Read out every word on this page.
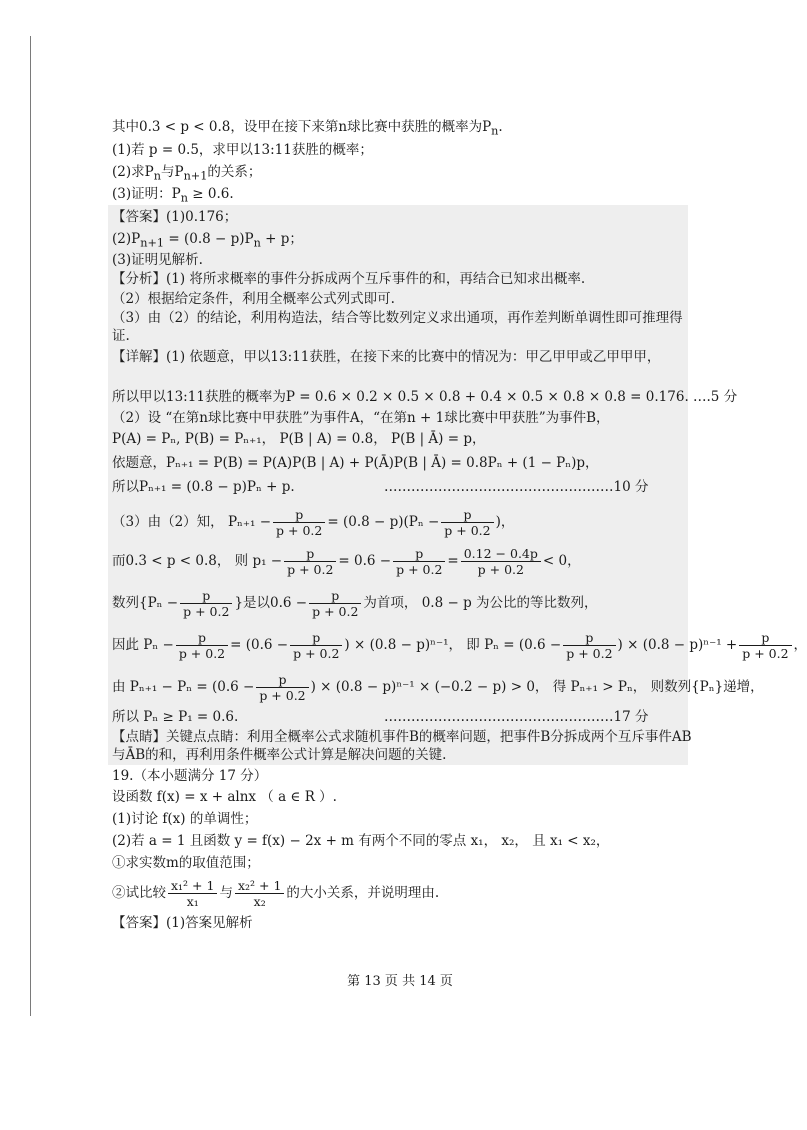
其中0.3 < p < 0.8，设甲在接下来第n球比赛中获胜的概率为$P_n$.
(1)若 p = 0.5，求甲以13:11获胜的概率；
(2)求$P_n$与$P_{n+1}$的关系；
(3)证明：$P_n \ge 0.6$.
【答案】(1)0.176；
$(2)P_{n+1} = (0.8 - p)P_n + p$；
(3)证明见解析.
【分析】(1) 将所求概率的事件分拆成两个互斥事件的和，再结合已知求出概率.
（2）根据给定条件，利用全概率公式列式即可.
（3）由（2）的结论，利用构造法，结合等比数列定义求出通项，再作差判断单调性即可推理得证.
【详解】(1) 依题意，甲以13:11获胜，在接下来的比赛中的情况为：甲乙甲甲或乙甲甲甲，
所以甲以13:11获胜的概率为P = 0.6 × 0.2 × 0.5 × 0.8 + 0.4 × 0.5 × 0.8 × 0.8 = 0.176. ….5 分
（2）设 “在第n球比赛中甲获胜”为事件A，“在第n + 1球比赛中甲获胜”为事件B，
P(A) = Pₙ, P(B) = Pₙ₊₁， P(B | A) = 0.8， P(B | Ā) = p，
依题意，Pₙ₊₁ = P(B) = P(A)P(B | A) + P(Ā)P(B | Ā) = 0.8Pₙ + (1 − Pₙ)p，
所以Pₙ₊₁ = (0.8 − p)Pₙ + p.	……………………………………………10 分
（3）由（2）知， $P_{n+1} - \frac{p}{p + 0.2} = (0.8 - p)(P_n - \frac{p}{p + 0.2}$ )，
而0.3 < p < 0.8， 则 $p_1 - \frac{p}{p + 0.2} = 0.6 - \frac{p}{p + 0.2} = \frac{0.12 - 0.4p}{p + 0.2} < 0$，
数列{$P_n - \frac{p}{p + 0.2}$ }是以$0.6 - \frac{p}{p + 0.2}$ 为首项， 0.8 − p 为公比的等比数列，
因此 $P_n - \frac{p}{p + 0.2} = (0.6 - \frac{p}{p + 0.2}$ ) × (0.8 − p)ⁿ⁻¹， 即 $P_n = (0.6 - \frac{p}{p + 0.2}$ ) × $(0.8 - p)^{n-1} + \frac{p}{p + 0.2}$ ，
由 $P_{n+1} - P_n = (0.6 - \frac{p}{p + 0.2}$ ) × (0.8 − p)ⁿ⁻¹ × (−0.2 − p) > 0， 得 Pₙ₊₁ > Pₙ， 则数列{Pₙ}递增，
所以 Pₙ ≥ P₁ = 0.6.	……………………………………………17 分
【点睛】关键点点睛：利用全概率公式求随机事件B的概率问题，把事件B分拆成两个互斥事件AB与ĀB的和，再利用条件概率公式计算是解决问题的关键.
19.（本小题满分 17 分）
设函数 f(x) = x + alnx （ a ∈ R ）.
(1)讨论 f(x) 的单调性；
(2)若 a = 1 且函数 y = f(x) − 2x + m 有两个不同的零点 x₁， x₂， 且 x₁ < x₂，
①求实数m的取值范围；
②试比较 $\frac{\text{x₁² + 1}}{\text{x₁}}$ 与 $\frac{\text{x₂² + 1}}{\text{x₂}}$ 的大小关系，并说明理由.
【答案】(1)答案见解析
第 13 页 共 14 页
